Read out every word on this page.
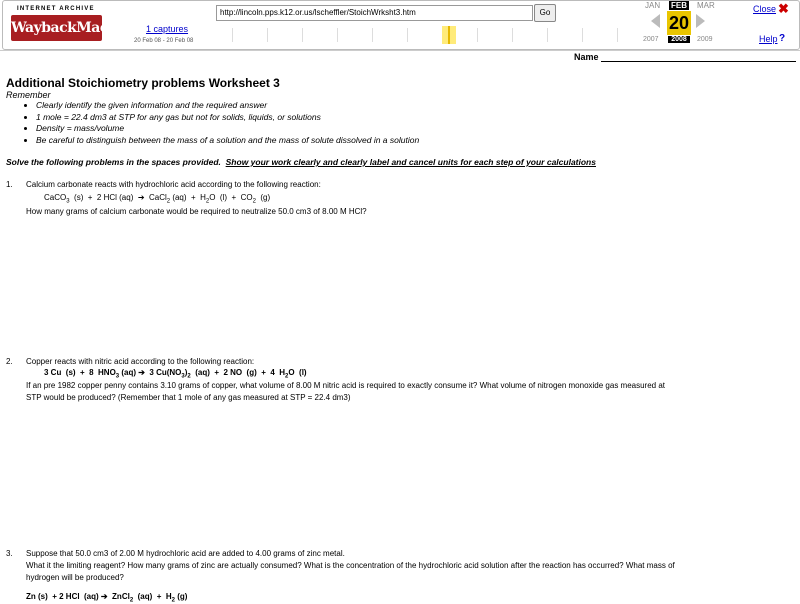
INTERNET ARCHIVE
WaybackMachine
http://lincoln.pps.k12.or.us/lscheffler/StoichWrksht3.htm	Go
1 captures
20 Feb 08 - 20 Feb 08
JAN FEB MAR
20
2007	2008	2009
Close ✖
Help ?
Name
Additional Stoichiometry problems Worksheet 3
Remember
• Clearly identify the given information and the required answer
• 1 mole = 22.4 dm3 at STP for any gas but not for solids, liquids, or solutions
• Density = mass/volume
• Be careful to distinguish between the mass of a solution and the mass of solute dissolved in a solution
Solve the following problems in the spaces provided. Show your work clearly and clearly label and cancel units for each step of your calculations
1. Calcium carbonate reacts with hydrochloric acid according to the following reaction:
CaCO$_3$  (s)  +  2 HCl (aq)  ➔  CaCl$_2$ $(aq) + H_2O$  $(l) + CO_2$  (g)
How many grams of calcium carbonate would be required to neutralize 50.0 cm3 of 8.00 M HCl?
2. Copper reacts with nitric acid according to the following reaction:
3 Cu  (s)  +  8  $HNO_3$ (aq) ➔  3 $Cu(NO_3)_2$  (aq)  +  2 NO  (g)  +  4  $H_2O$  (l)
If an pre 1982 copper penny contains 3.10 grams of copper, what volume of 8.00 M nitric acid is required to exactly consume it? What volume of nitrogen monoxide gas measured at
STP would be produced? (Remember that 1 mole of any gas measured at STP = 22.4 dm3)
3. Suppose that 50.0 cm3 of 2.00 M hydrochloric acid are added to 4.00 grams of zinc metal.
What it the limiting reagent? How many grams of zinc are actually consumed? What is the concentration of the hydrochloric acid solution after the reaction has occurred? What mass of
hydrogen will be produced?
Zn (s)  + 2 HCl  (aq) ➔  ZnCl$_2$  $(aq) + H_2$ (g)
